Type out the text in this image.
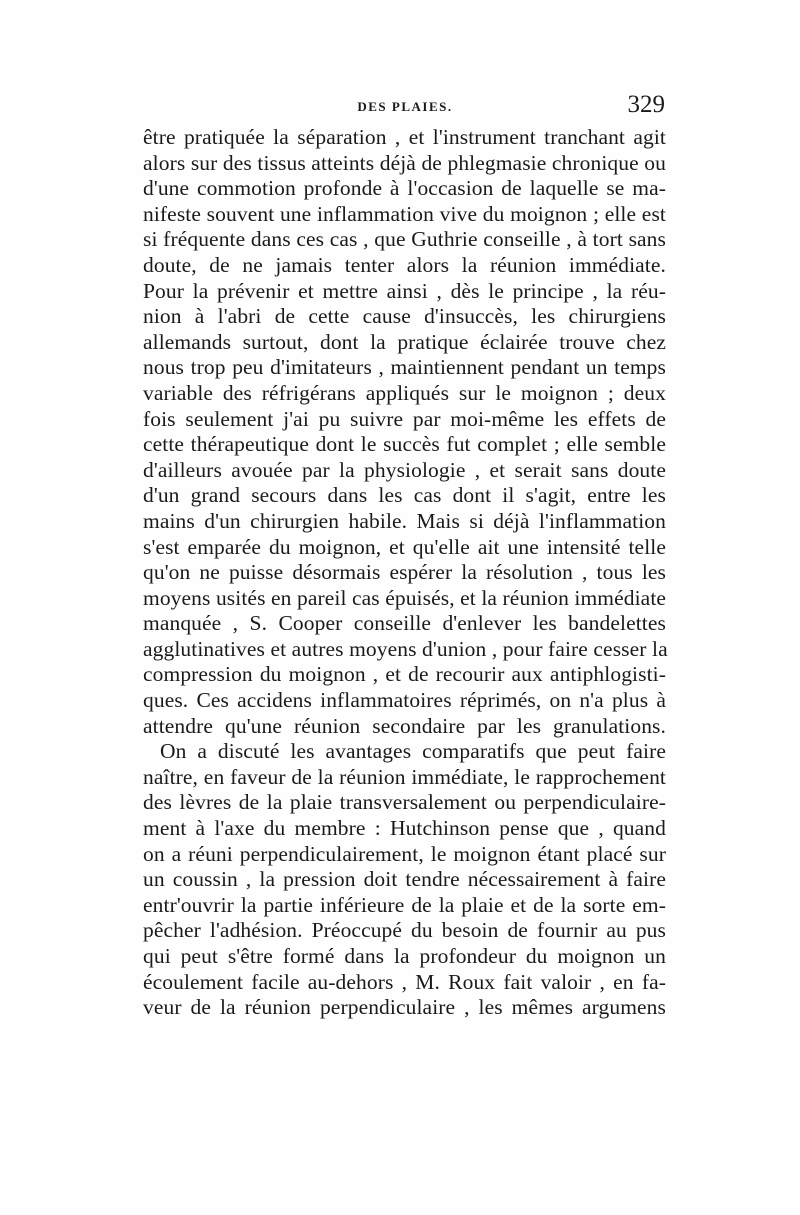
DES PLAIES.	329
être pratiquée la séparation , et l'instrument tranchant agit
alors sur des tissus atteints déjà de phlegmasie chronique ou
d'une commotion profonde à l'occasion de laquelle se ma-
nifeste souvent une inflammation vive du moignon ; elle est
si fréquente dans ces cas , que Guthrie conseille , à tort sans
doute, de ne jamais tenter alors la réunion immédiate.
Pour la prévenir et mettre ainsi , dès le principe , la réu-
nion à l'abri de cette cause d'insuccès, les chirurgiens
allemands surtout, dont la pratique éclairée trouve chez
nous trop peu d'imitateurs , maintiennent pendant un temps
variable des réfrigérans appliqués sur le moignon ; deux
fois seulement j'ai pu suivre par moi-même les effets de
cette thérapeutique dont le succès fut complet ; elle semble
d'ailleurs avouée par la physiologie , et serait sans doute
d'un grand secours dans les cas dont il s'agit, entre les
mains d'un chirurgien habile. Mais si déjà l'inflammation
s'est emparée du moignon, et qu'elle ait une intensité telle
qu'on ne puisse désormais espérer la résolution , tous les
moyens usités en pareil cas épuisés, et la réunion immédiate
manquée , S. Cooper conseille d'enlever les bandelettes
agglutinatives et autres moyens d'union , pour faire cesser la
compression du moignon , et de recourir aux antiphlogisti-
ques. Ces accidens inflammatoires réprimés, on n'a plus à
attendre qu'une réunion secondaire par les granulations.
On a discuté les avantages comparatifs que peut faire
naître, en faveur de la réunion immédiate, le rapprochement
des lèvres de la plaie transversalement ou perpendiculaire-
ment à l'axe du membre : Hutchinson pense que , quand
on a réuni perpendiculairement, le moignon étant placé sur
un coussin , la pression doit tendre nécessairement à faire
entr'ouvrir la partie inférieure de la plaie et de la sorte em-
pêcher l'adhésion. Préoccupé du besoin de fournir au pus
qui peut s'être formé dans la profondeur du moignon un
écoulement facile au-dehors , M. Roux fait valoir , en fa-
veur de la réunion perpendiculaire , les mêmes argumens
